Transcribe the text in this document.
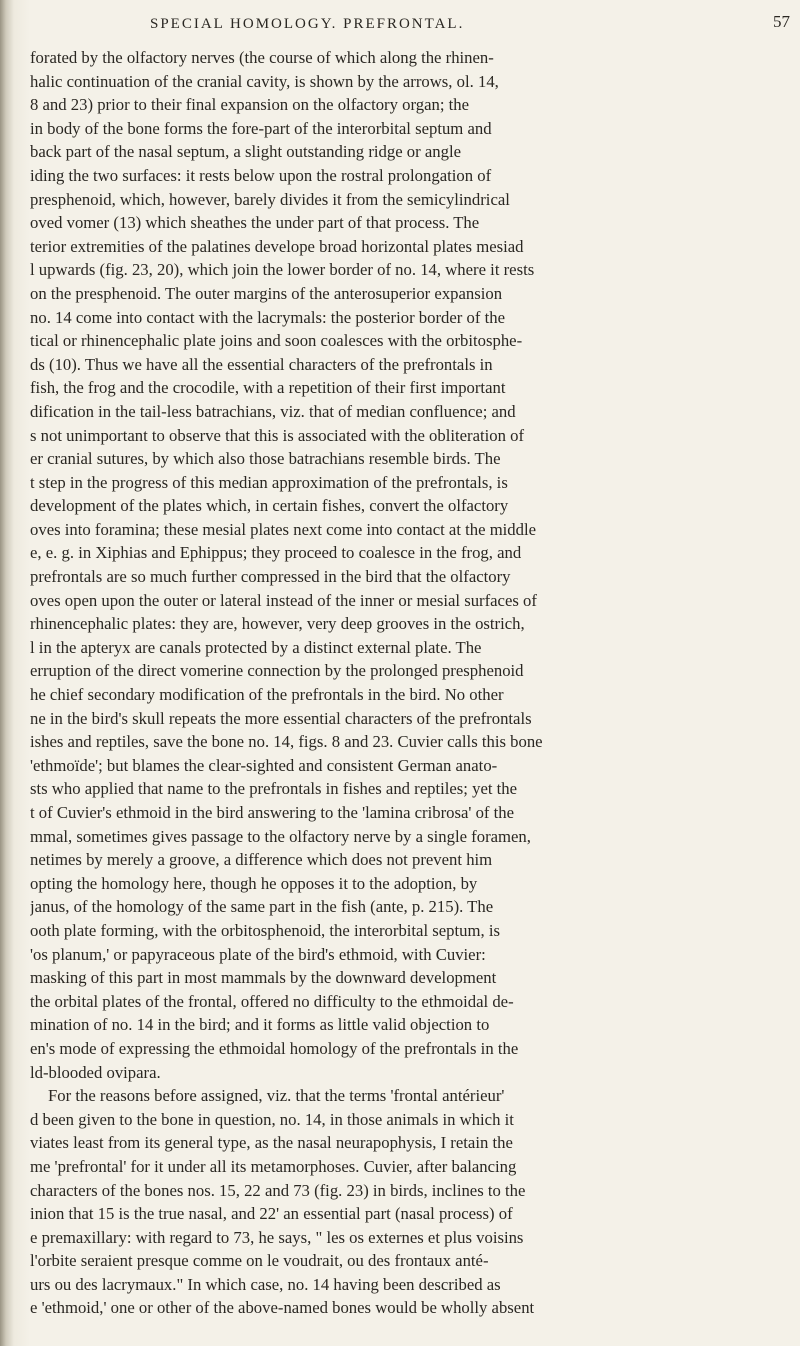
SPECIAL HOMOLOGY. PREFRONTAL.	57
forated by the olfactory nerves (the course of which along the rhinen-
halic continuation of the cranial cavity, is shown by the arrows, ol. 14,
8 and 23) prior to their final expansion on the olfactory organ; the
in body of the bone forms the fore-part of the interorbital septum and
back part of the nasal septum, a slight outstanding ridge or angle
iding the two surfaces: it rests below upon the rostral prolongation of
presphenoid, which, however, barely divides it from the semicylindrical
oved vomer (13) which sheathes the under part of that process. The
terior extremities of the palatines develope broad horizontal plates mesiad
l upwards (fig. 23, 20), which join the lower border of no. 14, where it rests
on the presphenoid. The outer margins of the anterosuperior expansion
no. 14 come into contact with the lacrymals: the posterior border of the
tical or rhinencephalic plate joins and soon coalesces with the orbitosphe-
ds (10). Thus we have all the essential characters of the prefrontals in
fish, the frog and the crocodile, with a repetition of their first important
dification in the tail-less batrachians, viz. that of median confluence; and
s not unimportant to observe that this is associated with the obliteration of
er cranial sutures, by which also those batrachians resemble birds. The
t step in the progress of this median approximation of the prefrontals, is
development of the plates which, in certain fishes, convert the olfactory
oves into foramina; these mesial plates next come into contact at the middle
e, e. g. in Xiphias and Ephippus; they proceed to coalesce in the frog, and
prefrontals are so much further compressed in the bird that the olfactory
oves open upon the outer or lateral instead of the inner or mesial surfaces of
rhinencephalic plates: they are, however, very deep grooves in the ostrich,
l in the apteryx are canals protected by a distinct external plate. The
erruption of the direct vomerine connection by the prolonged presphenoid
he chief secondary modification of the prefrontals in the bird. No other
ne in the bird's skull repeats the more essential characters of the prefrontals
ishes and reptiles, save the bone no. 14, figs. 8 and 23. Cuvier calls this bone
'ethmoïde'; but blames the clear-sighted and consistent German anato-
sts who applied that name to the prefrontals in fishes and reptiles; yet the
t of Cuvier's ethmoid in the bird answering to the 'lamina cribrosa' of the
mmal, sometimes gives passage to the olfactory nerve by a single foramen,
netimes by merely a groove, a difference which does not prevent him
opting the homology here, though he opposes it to the adoption, by
janus, of the homology of the same part in the fish (ante, p. 215). The
ooth plate forming, with the orbitosphenoid, the interorbital septum, is
'os planum,' or papyraceous plate of the bird's ethmoid, with Cuvier:
masking of this part in most mammals by the downward development
the orbital plates of the frontal, offered no difficulty to the ethmoidal de-
mination of no. 14 in the bird; and it forms as little valid objection to
en's mode of expressing the ethmoidal homology of the prefrontals in the
ld-blooded ovipara.
For the reasons before assigned, viz. that the terms 'frontal antérieur'
d been given to the bone in question, no. 14, in those animals in which it
viates least from its general type, as the nasal neurapophysis, I retain the
me 'prefrontal' for it under all its metamorphoses. Cuvier, after balancing
characters of the bones nos. 15, 22 and 73 (fig. 23) in birds, inclines to the
inion that 15 is the true nasal, and 22' an essential part (nasal process) of
e premaxillary: with regard to 73, he says, " les os externes et plus voisins
l'orbite seraient presque comme on le voudrait, ou des frontaux anté-
urs ou des lacrymaux." In which case, no. 14 having been described as
e 'ethmoid,' one or other of the above-named bones would be wholly absent
